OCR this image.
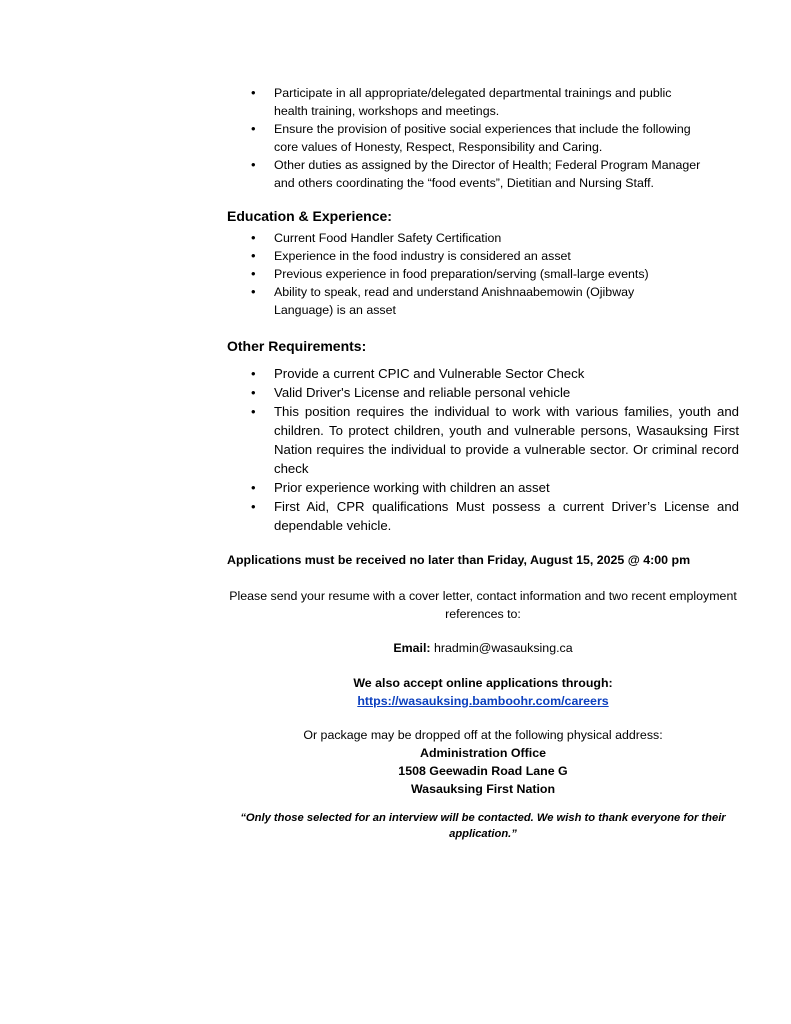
• Participate in all appropriate/delegated departmental trainings and public health training, workshops and meetings.
• Ensure the provision of positive social experiences that include the following core values of Honesty, Respect, Responsibility and Caring.
• Other duties as assigned by the Director of Health; Federal Program Manager and others coordinating the “food events”, Dietitian and Nursing Staff.
Education & Experience:
• Current Food Handler Safety Certification
• Experience in the food industry is considered an asset
• Previous experience in food preparation/serving (small-large events)
• Ability to speak, read and understand Anishnaabemowin (Ojibway Language) is an asset
Other Requirements:
• Provide a current CPIC and Vulnerable Sector Check
• Valid Driver's License and reliable personal vehicle
• This position requires the individual to work with various families, youth and children. To protect children, youth and vulnerable persons, Wasauksing First Nation requires the individual to provide a vulnerable sector. Or criminal record check
• Prior experience working with children an asset
• First Aid, CPR qualifications Must possess a current Driver’s License and dependable vehicle.

Applications must be received no later than Friday, August 15, 2025 @ 4:00 pm

Please send your resume with a cover letter, contact information and two recent employment references to:

Email: hradmin@wasauksing.ca

We also accept online applications through:
https://wasauksing.bamboohr.com/careers
Or package may be dropped off at the following physical address:
Administration Office
1508 Geewadin Road Lane G
Wasauksing First Nation

“Only those selected for an interview will be contacted. We wish to thank everyone for their application.”
